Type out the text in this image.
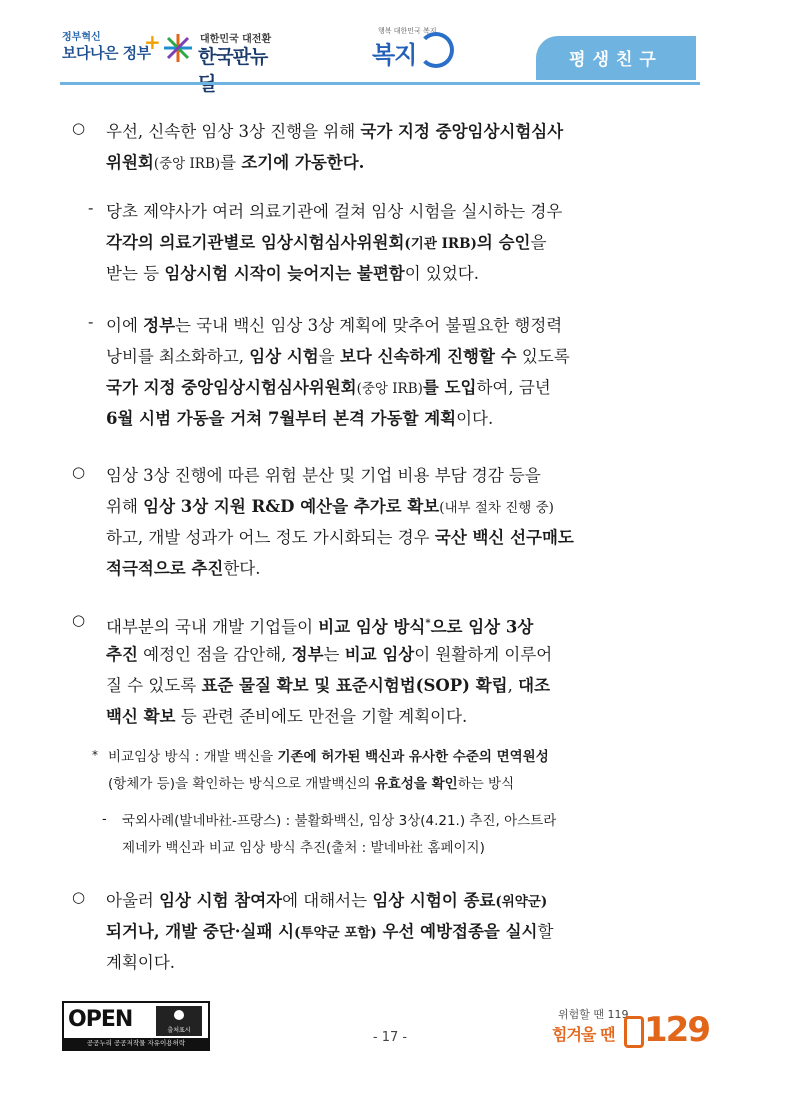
정부혁신
보다나은 정부
+	대한민국 대전환
한국판뉴
행복 대한민국 복지
복지	평생친구
○ 우선, 신속한 임상 3상 진행을 위해 국가 지정 중앙임상시험심사
위원회(중앙 IRB)를 조기에 가동한다.
- 당초 제약사가 여러 의료기관에 걸쳐 임상 시험을 실시하는 경우
각각의 의료기관별로 임상시험심사위원회(기관 IRB)의 승인을
받는 등 임상시험 시작이 늦어지는 불편함이 있었다.
- 이에 정부는 국내 백신 임상 3상 계획에 맞추어 불필요한 행정력
낭비를 최소화하고, 임상 시험을 보다 신속하게 진행할 수 있도록
국가 지정 중앙임상시험심사위원회(중앙 IRB)를 도입하여, 금년
6월 시범 가동을 거쳐 7월부터 본격 가동할 계획이다.
○ 임상 3상 진행에 따른 위험 분산 및 기업 비용 부담 경감 등을
위해 임상 3상 지원 R&D 예산을 추가로 확보(내부 절차 진행 중)
하고, 개발 성과가 어느 정도 가시화되는 경우 국산 백신 선구매도
적극적으로 추진한다.
○ 대부분의 국내 개발 기업들이 비교 임상 방식*으로 임상 3상
추진 예정인 점을 감안해, 정부는 비교 임상이 원활하게 이루어
질 수 있도록 표준 물질 확보 및 표준시험법(SOP) 확립, 대조
백신 확보 등 관련 준비에도 만전을 기할 계획이다.
* 비교임상 방식 : 개발 백신을 기존에 허가된 백신과 유사한 수준의 면역원성
(항체가 등)을 확인하는 방식으로 개발백신의 유효성을 확인하는 방식
- 국외사례(발네바社-프랑스) : 불활화백신, 임상 3상(4.21.) 추진, 아스트라
제네카 백신과 비교 임상 방식 추진(출처 : 발네바社 홈페이지)
○ 아울러 임상 시험 참여자에 대해서는 임상 시험이 종료(위약군)
되거나, 개발 중단·실패 시(투약군 포함) 우선 예방접종을 실시할
계획이다.
OPEN	출처표시
공공누리 공공저작물 자유이용허락	- 17 -
위험할 땐 119
힘겨울 땐 129
